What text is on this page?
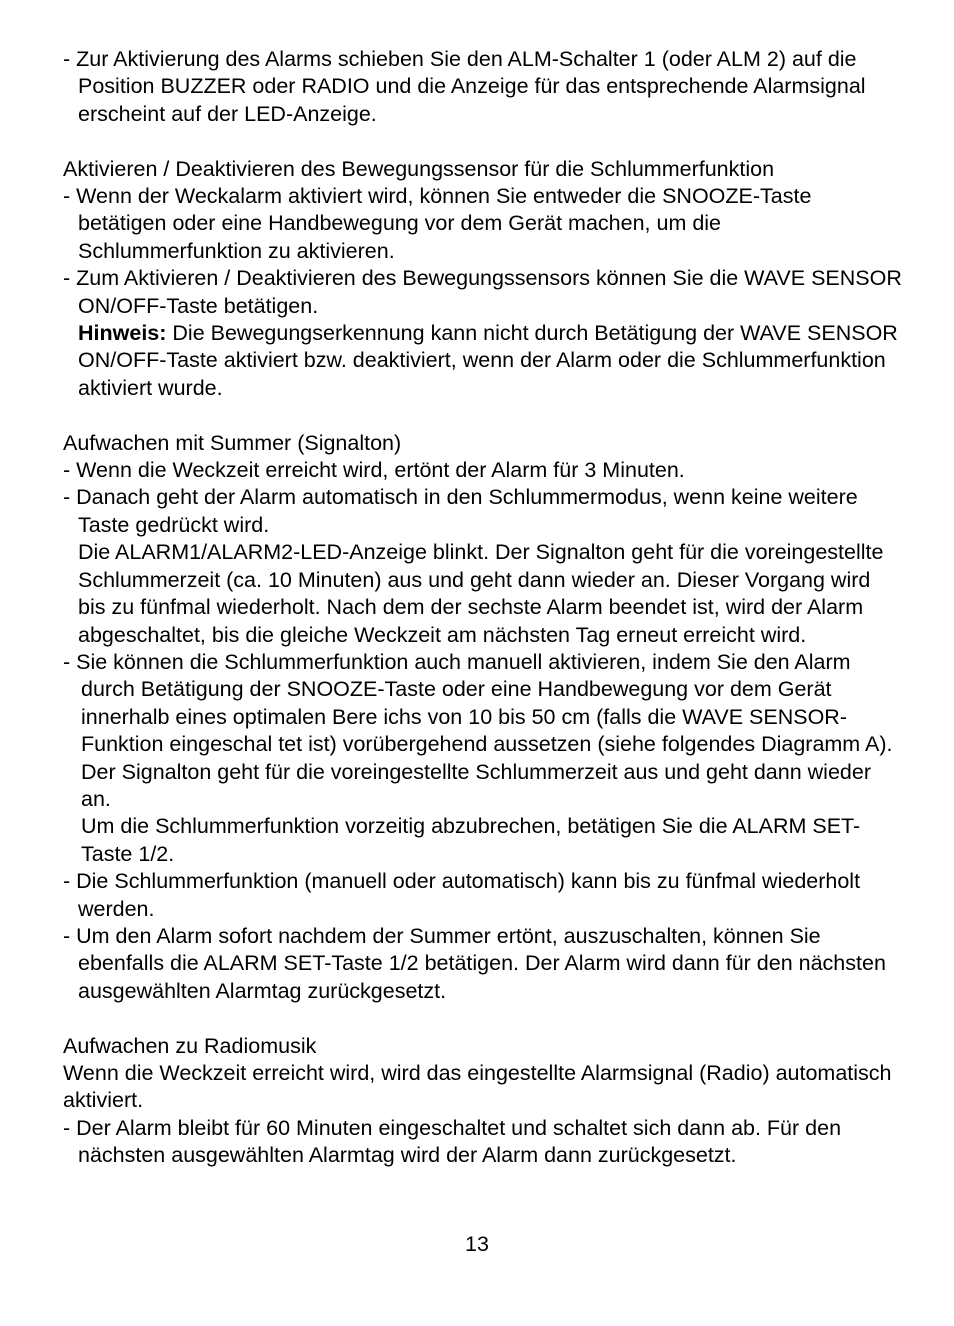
- Zur Aktivierung des Alarms schieben Sie den ALM-Schalter 1 (oder ALM 2) auf die Position BUZZER oder RADIO und die Anzeige für das entsprechende Alarmsignal erscheint auf der LED-Anzeige.
Aktivieren / Deaktivieren des Bewegungssensor für die Schlummerfunktion
- Wenn der Weckalarm aktiviert wird, können Sie entweder die SNOOZE-Taste betätigen oder eine Handbewegung vor dem Gerät machen, um die Schlummerfunktion zu aktivieren.
- Zum Aktivieren / Deaktivieren des Bewegungssensors können Sie die WAVE SENSOR ON/OFF-Taste betätigen.
Hinweis: Die Bewegungserkennung kann nicht durch Betätigung der WAVE SENSOR ON/OFF-Taste aktiviert bzw. deaktiviert, wenn der Alarm oder die Schlummerfunktion aktiviert wurde.
Aufwachen mit Summer (Signalton)
- Wenn die Weckzeit erreicht wird, ertönt der Alarm für 3 Minuten.
- Danach geht der Alarm automatisch in den Schlummermodus, wenn keine weitere Taste gedrückt wird.
Die ALARM1/ALARM2-LED-Anzeige blinkt. Der Signalton geht für die voreingestellte Schlummerzeit (ca. 10 Minuten) aus und geht dann wieder an. Dieser Vorgang wird bis zu fünfmal wiederholt. Nach dem der sechste Alarm beendet ist, wird der Alarm abgeschaltet, bis die gleiche Weckzeit am nächsten Tag erneut erreicht wird.
- Sie können die Schlummerfunktion auch manuell aktivieren, indem Sie den Alarm durch Betätigung der SNOOZE-Taste oder eine Handbewegung vor dem Gerät innerhalb eines optimalen Bere ichs von 10 bis 50 cm (falls die WAVE SENSOR-Funktion eingeschal tet ist) vorübergehend aussetzen (siehe folgendes Diagramm A). Der Signalton geht für die voreingestellte Schlummerzeit aus und geht dann wieder an.
Um die Schlummerfunktion vorzeitig abzubrechen, betätigen Sie die ALARM SET-Taste 1/2.
- Die Schlummerfunktion (manuell oder automatisch) kann bis zu fünfmal wiederholt werden.
- Um den Alarm sofort nachdem der Summer ertönt, auszuschalten, können Sie ebenfalls die ALARM SET-Taste 1/2 betätigen. Der Alarm wird dann für den nächsten ausgewählten Alarmtag zurückgesetzt.
Aufwachen zu Radiomusik
Wenn die Weckzeit erreicht wird, wird das eingestellte Alarmsignal (Radio) automatisch aktiviert.
- Der Alarm bleibt für 60 Minuten eingeschaltet und schaltet sich dann ab. Für den nächsten ausgewählten Alarmtag wird der Alarm dann zurückgesetzt.
13
